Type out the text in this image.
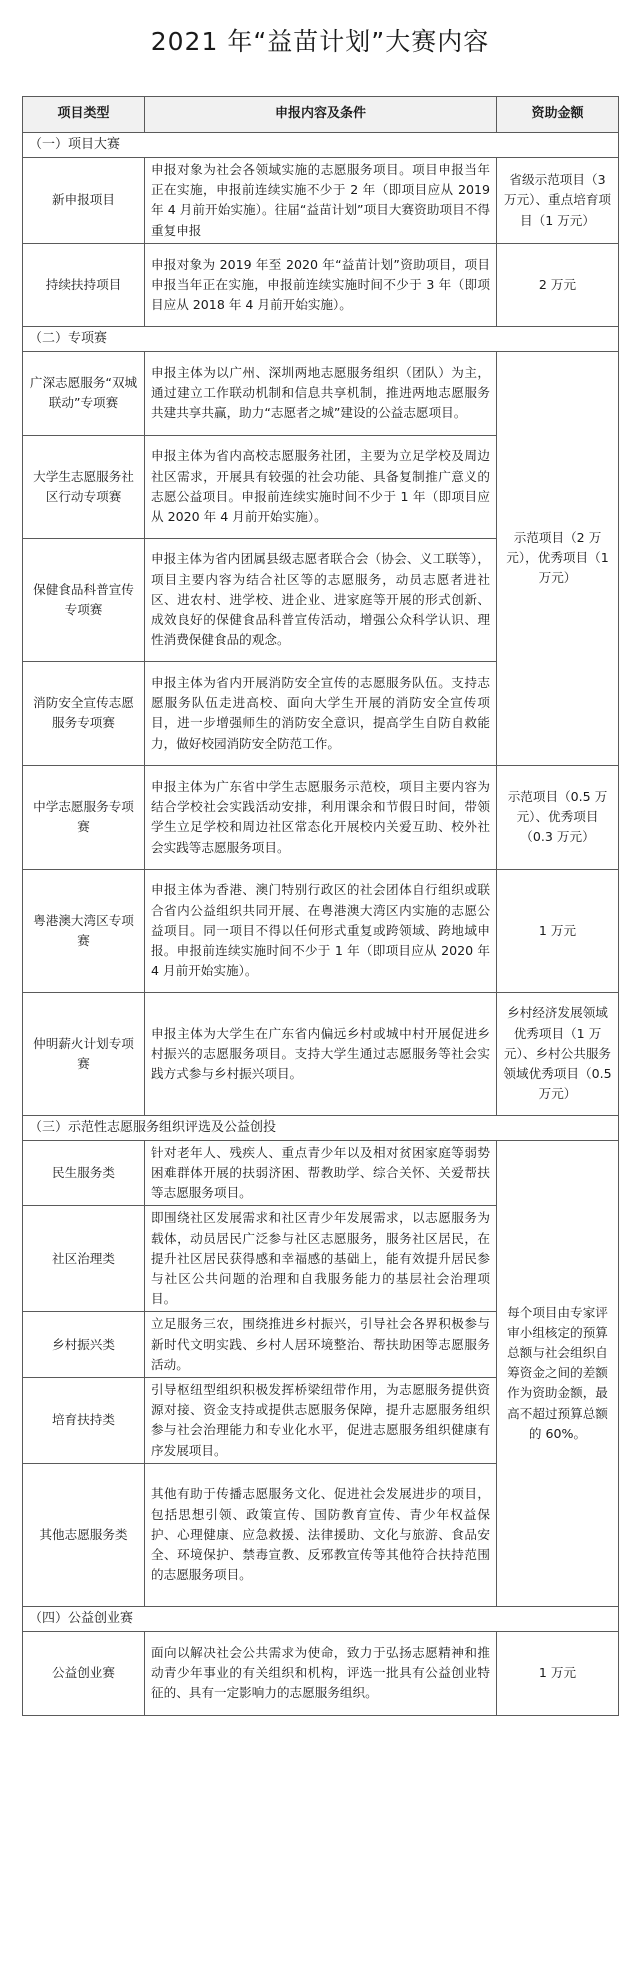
2021 年“益苗计划”大赛内容
项目类型	申报内容及条件	资助金额
（一）项目大赛		
新申报项目	申报对象为社会各领域实施的志愿服务项目。项目申报当年正在实施，申报前连续实施不少于 2 年（即项目应从 2019 年 4 月前开始实施）。往届“益苗计划”项目大赛资助项目不得重复申报	省级示范项目（3 万元）、重点培育项目（1 万元）
持续扶持项目	申报对象为 2019 年至 2020 年“益苗计划”资助项目，项目申报当年正在实施，申报前连续实施时间不少于 3 年（即项目应从 2018 年 4 月前开始实施）。	2 万元
（二）专项赛		
广深志愿服务“双城联动”专项赛	申报主体为以广州、深圳两地志愿服务组织（团队）为主，通过建立工作联动机制和信息共享机制，推进两地志愿服务共建共享共赢，助力“志愿者之城”建设的公益志愿项目。	示范项目（2 万元），优秀项目（1 万元）
大学生志愿服务社区行动专项赛	申报主体为省内高校志愿服务社团，主要为立足学校及周边社区需求，开展具有较强的社会功能、具备复制推广意义的志愿公益项目。申报前连续实施时间不少于 1 年（即项目应从 2020 年 4 月前开始实施）。	
保健食品科普宣传专项赛	申报主体为省内团属县级志愿者联合会（协会、义工联等），项目主要内容为结合社区等的志愿服务，动员志愿者进社区、进农村、进学校、进企业、进家庭等开展的形式创新、成效良好的保健食品科普宣传活动，增强公众科学认识、理性消费保健食品的观念。	
消防安全宣传志愿服务专项赛	申报主体为省内开展消防安全宣传的志愿服务队伍。支持志愿服务队伍走进高校、面向大学生开展的消防安全宣传项目，进一步增强师生的消防安全意识，提高学生自防自救能力，做好校园消防安全防范工作。	
中学志愿服务专项赛	申报主体为广东省中学生志愿服务示范校，项目主要内容为结合学校社会实践活动安排，利用课余和节假日时间，带领学生立足学校和周边社区常态化开展校内关爱互助、校外社会实践等志愿服务项目。	示范项目（0.5 万元）、优秀项目（0.3 万元）
粤港澳大湾区专项赛	申报主体为香港、澳门特别行政区的社会团体自行组织或联合省内公益组织共同开展、在粤港澳大湾区内实施的志愿公益项目。同一项目不得以任何形式重复或跨领域、跨地域申报。申报前连续实施时间不少于 1 年（即项目应从 2020 年 4 月前开始实施）。	1 万元
仲明薪火计划专项赛	申报主体为大学生在广东省内偏远乡村或城中村开展促进乡村振兴的志愿服务项目。支持大学生通过志愿服务等社会实践方式参与乡村振兴项目。	乡村经济发展领域优秀项目（1 万元）、乡村公共服务领域优秀项目（0.5 万元）
（三）示范性志愿服务组织评选及公益创投		
民生服务类	针对老年人、残疾人、重点青少年以及相对贫困家庭等弱势困难群体开展的扶弱济困、帮教助学、综合关怀、关爱帮扶等志愿服务项目。	每个项目由专家评审小组核定的预算总额与社会组织自筹资金之间的差额作为资助金额，最高不超过预算总额的 60%。
社区治理类	即围绕社区发展需求和社区青少年发展需求，以志愿服务为载体，动员居民广泛参与社区志愿服务，服务社区居民，在提升社区居民获得感和幸福感的基础上，能有效提升居民参与社区公共问题的治理和自我服务能力的基层社会治理项目。	
乡村振兴类	立足服务三农，围绕推进乡村振兴，引导社会各界积极参与新时代文明实践、乡村人居环境整治、帮扶助困等志愿服务活动。	
培育扶持类	引导枢纽型组织积极发挥桥梁纽带作用，为志愿服务提供资源对接、资金支持或提供志愿服务保障，提升志愿服务组织参与社会治理能力和专业化水平，促进志愿服务组织健康有序发展项目。	
其他志愿服务类	其他有助于传播志愿服务文化、促进社会发展进步的项目，包括思想引领、政策宣传、国防教育宣传、青少年权益保护、心理健康、应急救援、法律援助、文化与旅游、食品安全、环境保护、禁毒宣教、反邪教宣传等其他符合扶持范围的志愿服务项目。	
（四）公益创业赛		
公益创业赛	面向以解决社会公共需求为使命，致力于弘扬志愿精神和推动青少年事业的有关组织和机构，评选一批具有公益创业特征的、具有一定影响力的志愿服务组织。	1 万元
